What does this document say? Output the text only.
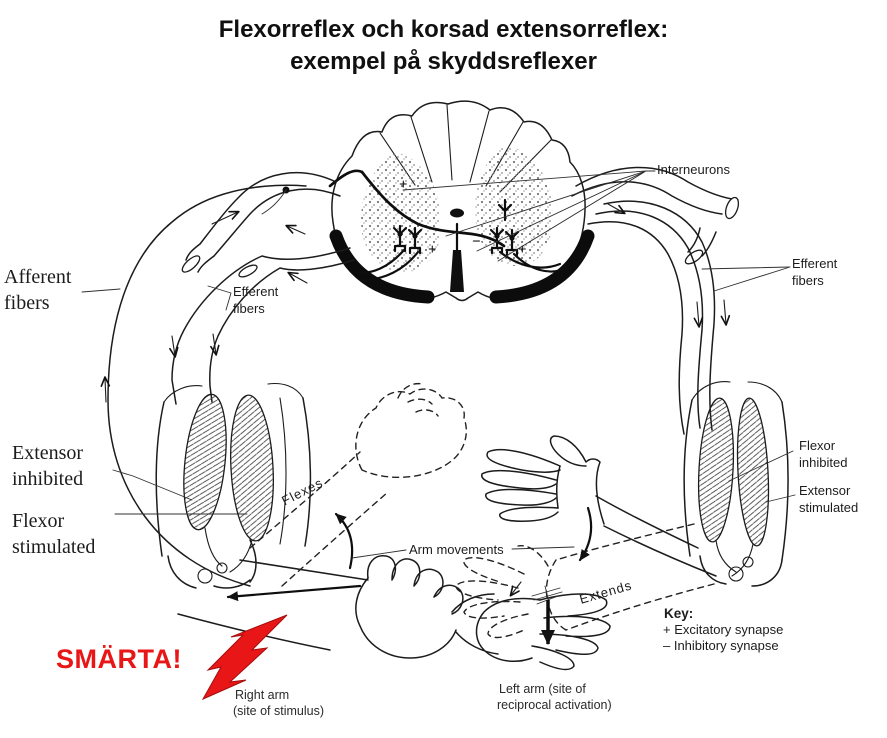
Flexorreflex och korsad extensorreflex:
exempel på skyddsreflexer
Interneurons
Efferent fibers
Afferent fibers
Efferent fibers
Extensor inhibited
Flexor stimulated
Flexor inhibited
Extensor stimulated
Flexes
Arm movements
Extends
Key:
+ Excitatory synapse
– Inhibitory synapse
SMÄRTA!
Right arm
(site of stimulus)
Left arm (site of
reciprocal activation)
+
+ −
+
+
